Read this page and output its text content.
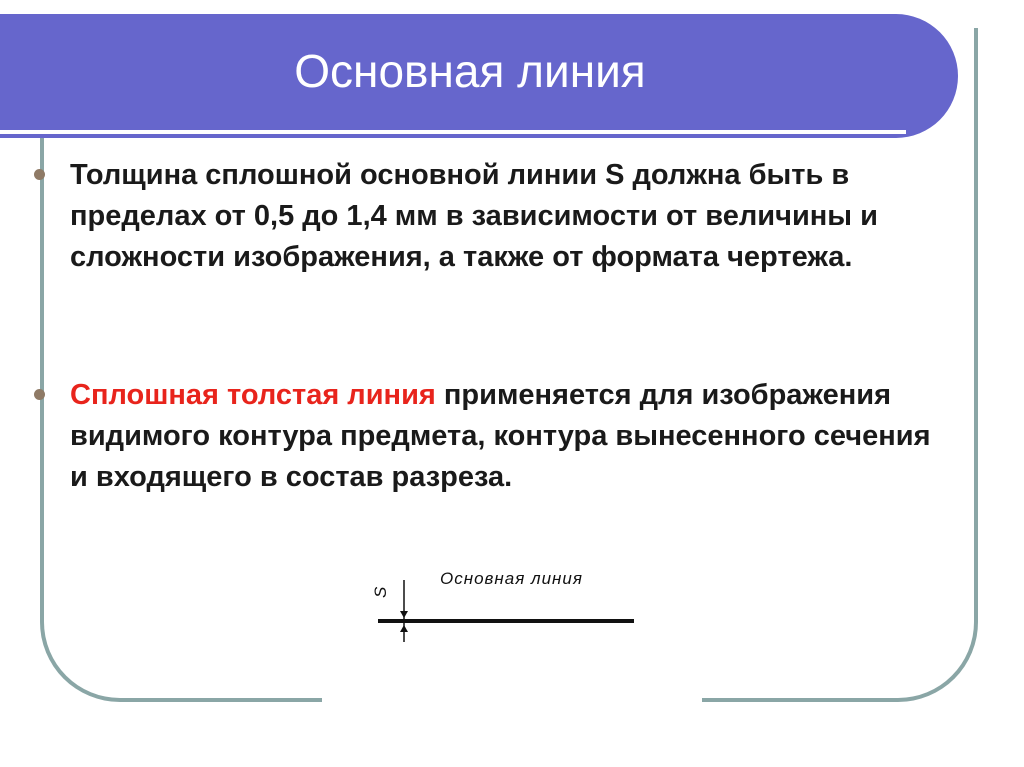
Основная линия
Толщина сплошной основной линии S должна быть в пределах от 0,5 до 1,4 мм в зависимости от величины и сложности изображения, а также от формата чертежа.
Сплошная толстая линия применяется для изображения видимого контура предмета, контура вынесенного сечения и входящего в состав разреза.
Основная линия
S
